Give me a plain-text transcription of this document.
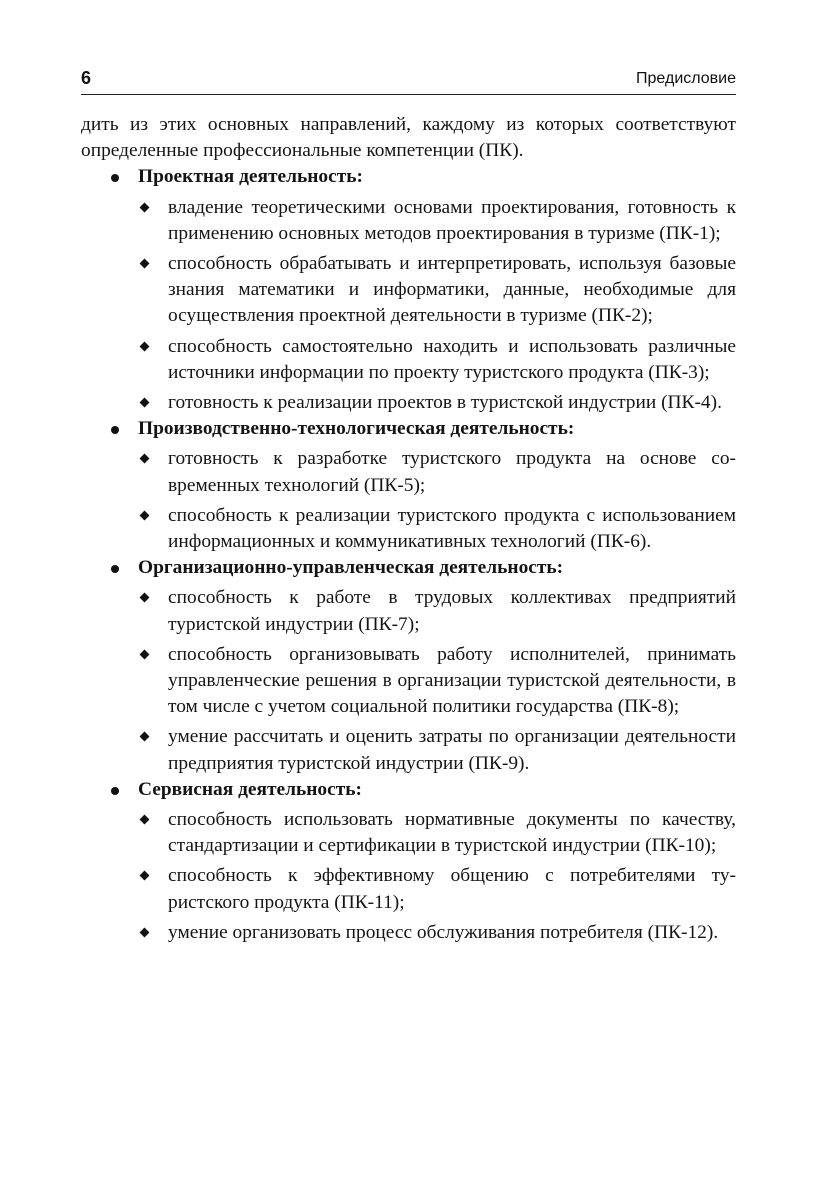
6	Предисловие

дить из этих основных направлений, каждому из которых соответствуют определенные профессиональные компетенции (ПК).

Проектная деятельность:

владение теоретическими основами проектирования, готовность к применению основных методов проектирования в туризме (ПК-1);
способность обрабатывать и интерпретировать, используя базовые знания математики и информатики, данные, необходимые для осуществления проектной деятельности в туризме (ПК-2);
способность самостоятельно находить и использовать различные источники информации по проекту туристского продукта (ПК-3);
готовность к реализации проектов в туристской индустрии (ПК-4).

Производственно-технологическая деятельность:

готовность к разработке туристского продукта на основе современных технологий (ПК-5);
способность к реализации туристского продукта с использованием информационных и коммуникативных технологий (ПК-6).

Организационно-управленческая деятельность:

способность к работе в трудовых коллективах предприятий туристской индустрии (ПК-7);
способность организовывать работу исполнителей, принимать управленческие решения в организации туристской деятельности, в том числе с учетом социальной политики государства (ПК-8);
умение рассчитать и оценить затраты по организации деятельности предприятия туристской индустрии (ПК-9).

Сервисная деятельность:

способность использовать нормативные документы по качеству, стандартизации и сертификации в туристской индустрии (ПК-10);
способность к эффективному общению с потребителями туристского продукта (ПК-11);
умение организовать процесс обслуживания потребителя (ПК-12).
